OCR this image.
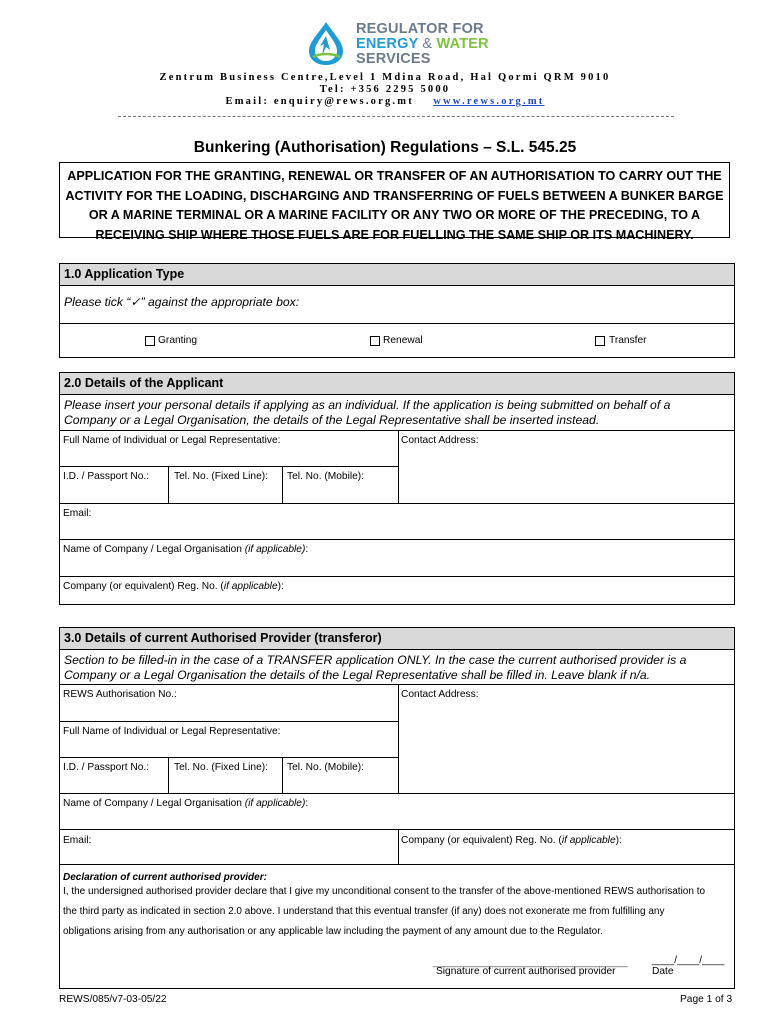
REGULATOR FOR
ENERGY & WATER
SERVICES
Zentrum Business Centre,Level 1 Mdina Road, Hal Qormi QRM 9010
Tel: +356 2295 5000
Email: enquiry@rews.org.mt www.rews.org.mt
Bunkering (Authorisation) Regulations – S.L. 545.25
APPLICATION FOR THE GRANTING, RENEWAL OR TRANSFER OF AN AUTHORISATION TO CARRY OUT THE
ACTIVITY FOR THE LOADING, DISCHARGING AND TRANSFERRING OF FUELS BETWEEN A BUNKER BARGE
OR A MARINE TERMINAL OR A MARINE FACILITY OR ANY TWO OR MORE OF THE PRECEDING, TO A
RECEIVING SHIP WHERE THOSE FUELS ARE FOR FUELLING THE SAME SHIP OR ITS MACHINERY.
1.0 Application Type
Please tick “✓” against the appropriate box:
Granting	Renewal	Transfer
2.0 Details of the Applicant
Please insert your personal details if applying as an individual. If the application is being submitted on behalf of a
Company or a Legal Organisation, the details of the Legal Representative shall be inserted instead.
Full Name of Individual or Legal Representative:	Contact Address:
I.D. / Passport No.: Tel. No. (Fixed Line): Tel. No. (Mobile):
Email:
Name of Company / Legal Organisation (if applicable):
Company (or equivalent) Reg. No. (if applicable):
3.0 Details of current Authorised Provider (transferor)
Section to be filled-in in the case of a TRANSFER application ONLY. In the case the current authorised provider is a
Company or a Legal Organisation the details of the Legal Representative shall be filled in. Leave blank if n/a.
REWS Authorisation No.:	Contact Address:
Full Name of Individual or Legal Representative:
I.D. / Passport No.: Tel. No. (Fixed Line): Tel. No. (Mobile):
Name of Company / Legal Organisation (if applicable):
Email:	Company (or equivalent) Reg. No. (if applicable):
Declaration of current authorised provider:
I, the undersigned authorised provider declare that I give my unconditional consent to the transfer of the above-mentioned REWS authorisation to
the third party as indicated in section 2.0 above. I understand that this eventual transfer (if any) does not exonerate me from fulfilling any
obligations arising from any authorisation or any applicable law including the payment of any amount due to the Regulator.
___________________________________
Signature of current authorised provider
____/____/____
Date
REWS/085/v7-03-05/22	Page 1 of 3
